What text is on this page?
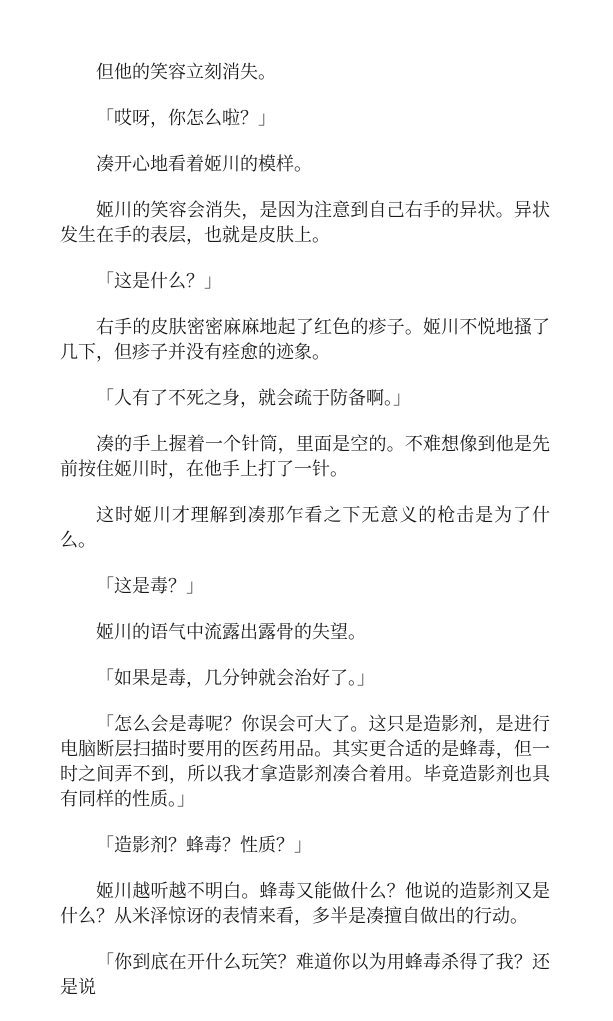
但他的笑容立刻消失。

「哎呀，你怎么啦？」

凑开心地看着姬川的模样。

姬川的笑容会消失，是因为注意到自己右手的异状。异状发生在手的表层，也就是皮肤上。

「这是什么？」

右手的皮肤密密麻麻地起了红色的疹子。姬川不悦地搔了几下，但疹子并没有痊愈的迹象。

「人有了不死之身，就会疏于防备啊。」

凑的手上握着一个针筒，里面是空的。不难想像到他是先前按住姬川时，在他手上打了一针。

这时姬川才理解到凑那乍看之下无意义的枪击是为了什么。

「这是毒？」

姬川的语气中流露出露骨的失望。

「如果是毒，几分钟就会治好了。」

「怎么会是毒呢？你误会可大了。这只是造影剂，是进行电脑断层扫描时要用的医药用品。其实更合适的是蜂毒，但一时之间弄不到，所以我才拿造影剂凑合着用。毕竟造影剂也具有同样的性质。」

「造影剂？蜂毒？性质？」

姬川越听越不明白。蜂毒又能做什么？他说的造影剂又是什么？从米泽惊讶的表情来看，多半是凑擅自做出的行动。

「你到底在开什么玩笑？难道你以为用蜂毒杀得了我？还是说
